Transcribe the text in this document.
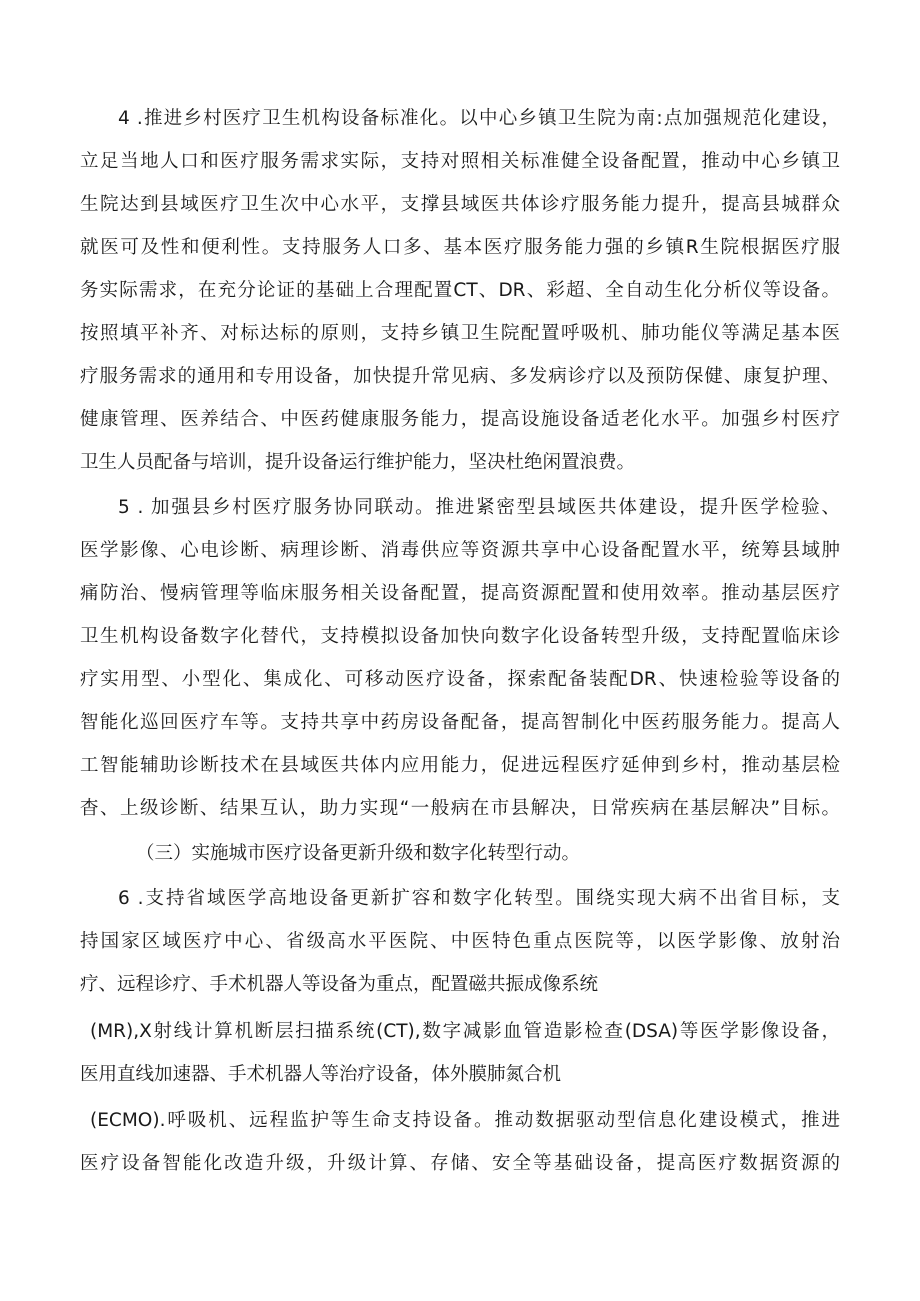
4 .推进乡村医疗卫生机构设备标准化。以中心乡镇卫生院为南:点加强规范化建设，
立足当地人口和医疗服务需求实际，支持对照相关标准健全设备配置，推动中心乡镇卫
生院达到县域医疗卫生次中心水平，支撑县域医共体诊疗服务能力提升，提高县城群众
就医可及性和便利性。支持服务人口多、基本医疗服务能力强的乡镇R生院根据医疗服
务实际需求，在充分论证的基础上合理配置CT、DR、彩超、全自动生化分析仪等设备。
按照填平补齐、对标达标的原则，支持乡镇卫生院配置呼吸机、肺功能仪等满足基本医
疗服务需求的通用和专用设备，加快提升常见病、多发病诊疗以及预防保健、康复护理、
健康管理、医养结合、中医药健康服务能力，提高设施设备适老化水平。加强乡村医疗
卫生人员配备与培训，提升设备运行维护能力，坚决杜绝闲置浪费。
5 . 加强县乡村医疗服务协同联动。推进紧密型县域医共体建设，提升医学检验、
医学影像、心电诊断、病理诊断、消毒供应等资源共享中心设备配置水平，统筹县域肿
痛防治、慢病管理等临床服务相关设备配置，提高资源配置和使用效率。推动基层医疗
卫生机构设备数字化替代，支持模拟设备加快向数字化设备转型升级，支持配置临床诊
疗实用型、小型化、集成化、可移动医疗设备，探索配备装配DR、快速检验等设备的
智能化巡回医疗车等。支持共享中药房设备配备，提高智制化中医药服务能力。提高人
工智能辅助诊断技术在县域医共体内应用能力，促进远程医疗延伸到乡村，推动基层检
杳、上级诊断、结果互认，助力实现“一般病在市县解决，日常疾病在基层解决”目标。
（三）实施城市医疗设备更新升级和数字化转型行动。
6 .支持省域医学高地设备更新扩容和数字化转型。围绕实现大病不出省目标，支
持国家区域医疗中心、省级高水平医院、中医特色重点医院等，以医学影像、放射治
疗、远程诊疗、手术机器人等设备为重点，配置磁共振成像系统
(MR),X射线计算机断层扫描系统(CT),数字减影血管造影检查(DSA)等医学影像设备，
医用直线加速器、手术机器人等治疗设备，体外膜肺氮合机
(ECMO).呼吸机、远程监护等生命支持设备。推动数据驱动型信息化建设模式，推进
医疗设备智能化改造升级，升级计算、存储、安全等基础设备，提高医疗数据资源的
